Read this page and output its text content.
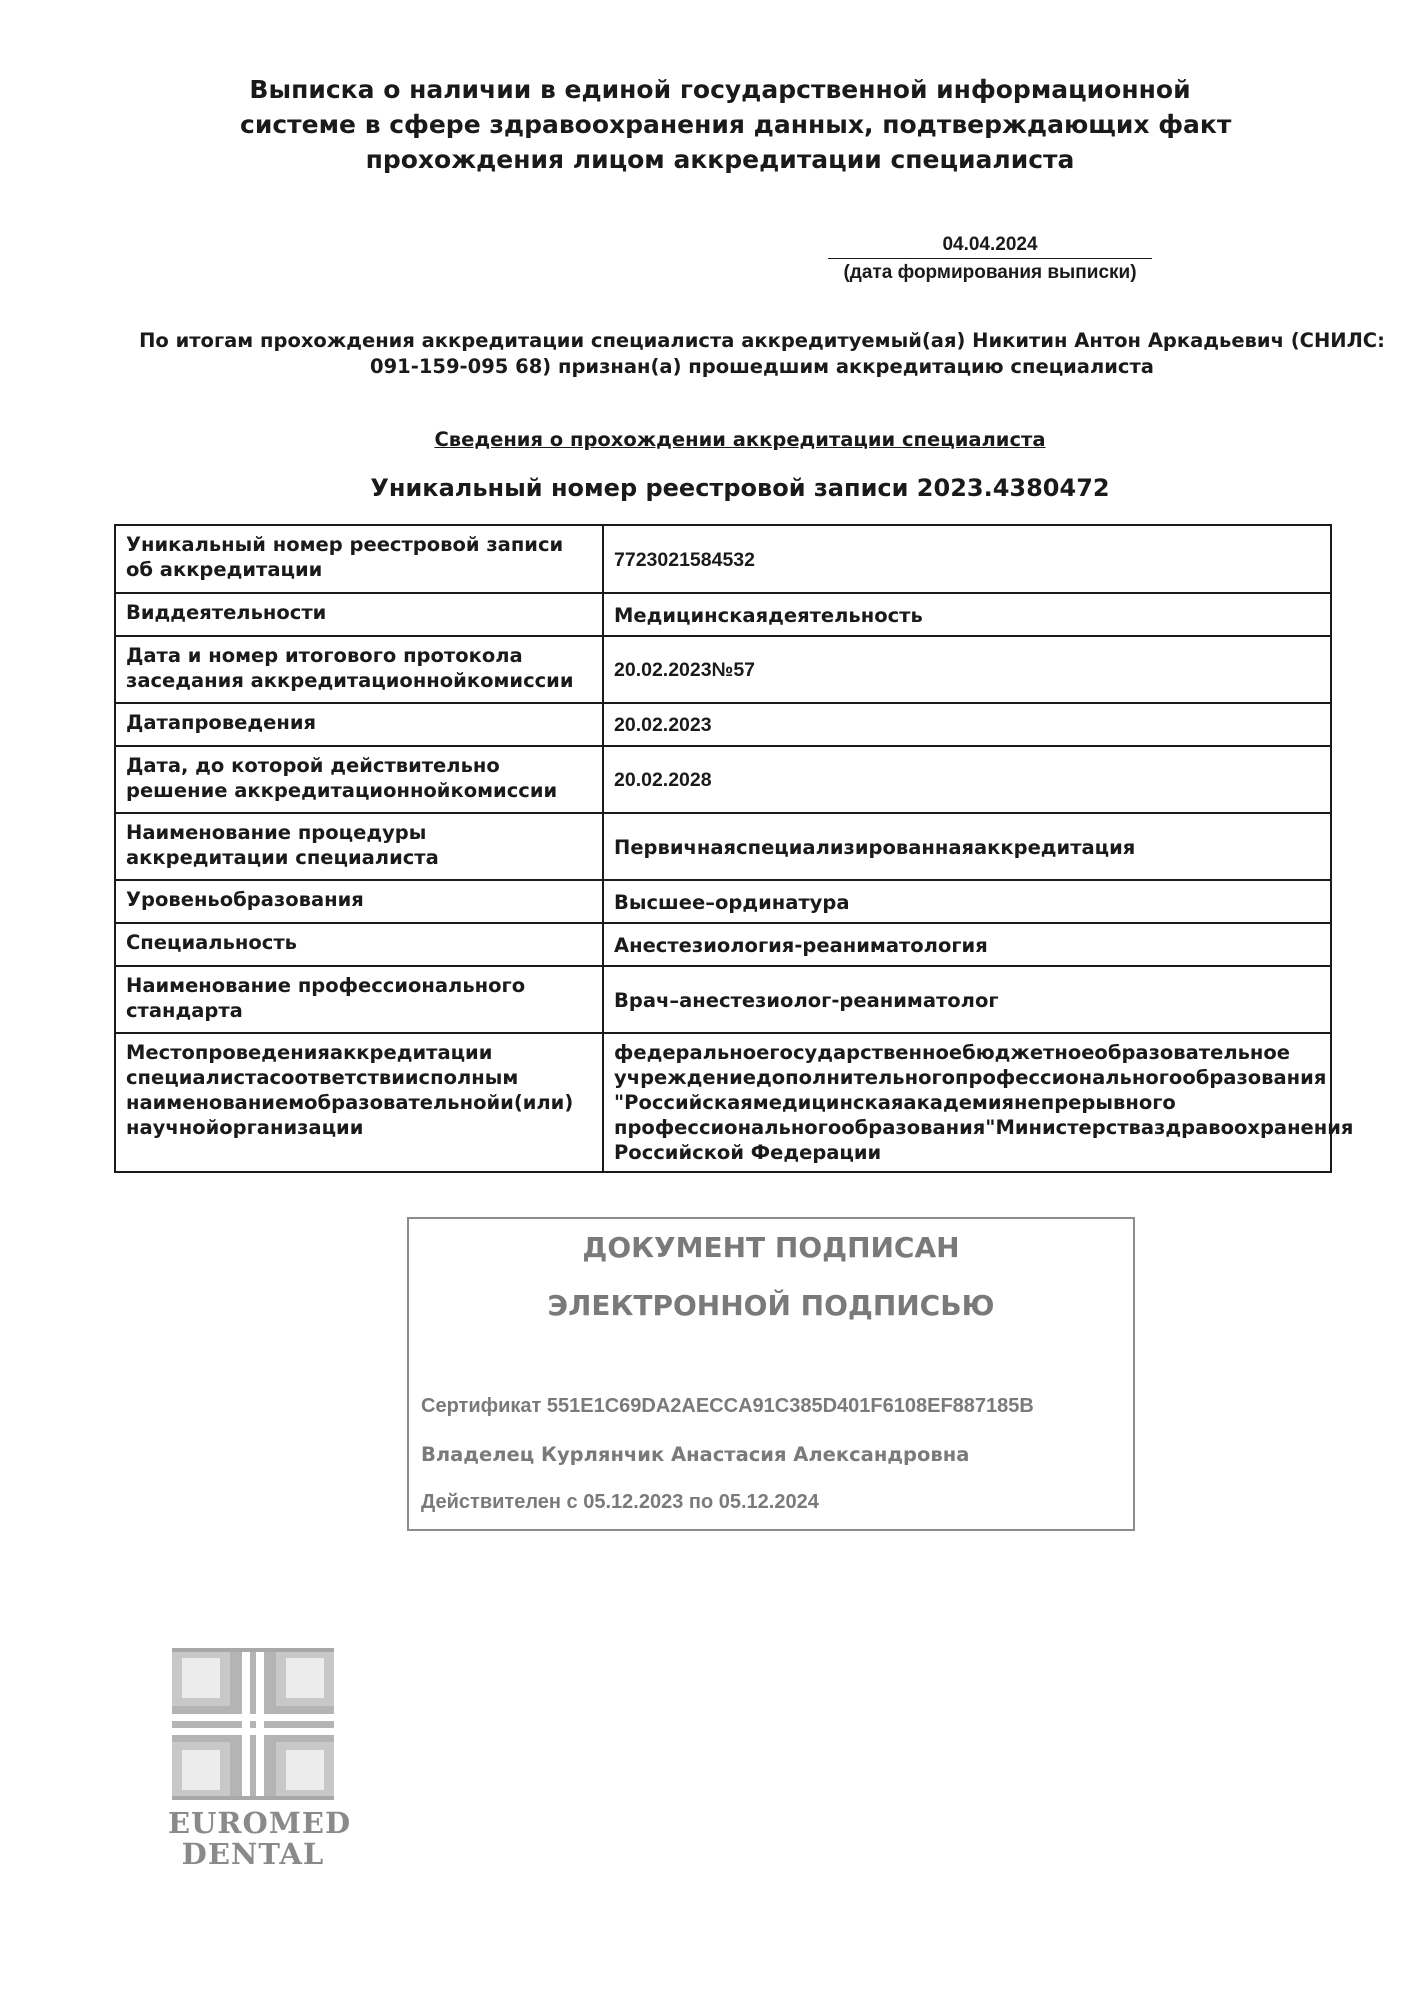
Выписка о наличии в единой государственной информационной
системе в сфере здравоохранения данных, подтверждающих факт
прохождения лицом аккредитации специалиста
04.04.2024
(дата формирования выписки)
По итогам прохождения аккредитации специалиста аккредитуемый(ая) Никитин Антон Аркадьевич (СНИЛС: 091-159-095 68) признан(а) прошедшим аккредитацию специалиста
Сведения о прохождении аккредитации специалиста
Уникальный номер реестровой записи 2023.4380472
Уникальный номер реестровой записи об аккредитации	7723021584532
Виддеятельности	Медицинскаядеятельность
Дата и номер итогового протокола заседания аккредитационнойкомиссии	20.02.2023№57
Датапроведения	20.02.2023
Дата, до которой действительно решение аккредитационнойкомиссии	20.02.2028
Наименование процедуры аккредитации специалиста	Первичнаяспециализированнаяаккредитация
Уровеньобразования	Высшее–ординатура
Специальность	Анестезиология-реаниматология
Наименование профессионального стандарта	Врач–анестезиолог-реаниматолог
Местопроведенияаккредитации специалистасоответствииспoлным наименованиемобразовательнойи(или) научнойорганизации	федеральноегосударственноебюджетноеобразовательное учреждениедополнительногопрофессиональногообразования "Российскаямедицинскаяакадемиянепрерывного профессиональногообразования"Министерстваздравоохранения Российской Федерации
ДОКУМЕНТ ПОДПИСАН
ЭЛЕКТРОННОЙ ПОДПИСЬЮ
Сертификат 551E1C69DA2AECCA91C385D401F6108EF887185B
Владелец Курлянчик Анастасия Александровна
Действителен с 05.12.2023 по 05.12.2024
EUROMED
DENTAL
